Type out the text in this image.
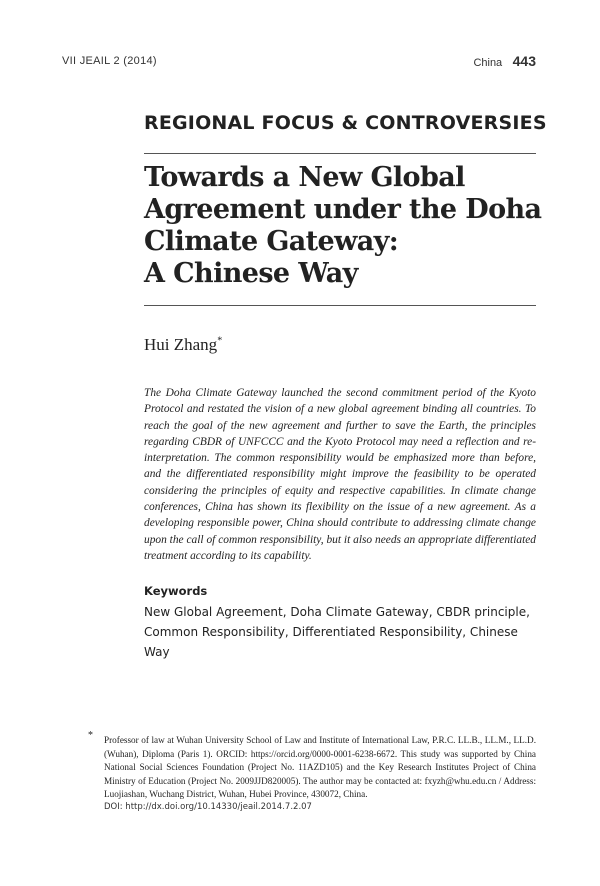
VII JEAIL 2 (2014)	China 443
REGIONAL FOCUS & CONTROVERSIES
Towards a New Global
Agreement under the Doha
Climate Gateway:
A Chinese Way
Hui Zhang*

The Doha Climate Gateway launched the second commitment period of the Kyoto Protocol and restated the vision of a new global agreement binding all countries. To reach the goal of the new agreement and further to save the Earth, the principles regarding CBDR of UNFCCC and the Kyoto Protocol may need a reflection and re-interpretation. The common responsibility would be emphasized more than before, and the differentiated responsibility might improve the feasibility to be operated considering the principles of equity and respective capabilities. In climate change conferences, China has shown its flexibility on the issue of a new agreement. As a developing responsible power, China should contribute to addressing climate change upon the call of common responsibility, but it also needs an appropriate differentiated treatment according to its capability.

Keywords

New Global Agreement, Doha Climate Gateway, CBDR principle, Common Responsibility, Differentiated Responsibility, Chinese Way

* Professor of law at Wuhan University School of Law and Institute of International Law, P.R.C. LL.B., LL.M., LL.D. (Wuhan), Diploma (Paris 1). ORCID: https://orcid.org/0000-0001-6238-6672. This study was supported by China National Social Sciences Foundation (Project No. 11AZD105) and the Key Research Institutes Project of China Ministry of Education (Project No. 2009JJD820005). The author may be contacted at: fxyzh@whu.edu.cn / Address: Luojiashan, Wuchang District, Wuhan, Hubei Province, 430072, China.

DOI: http://dx.doi.org/10.14330/jeail.2014.7.2.07
